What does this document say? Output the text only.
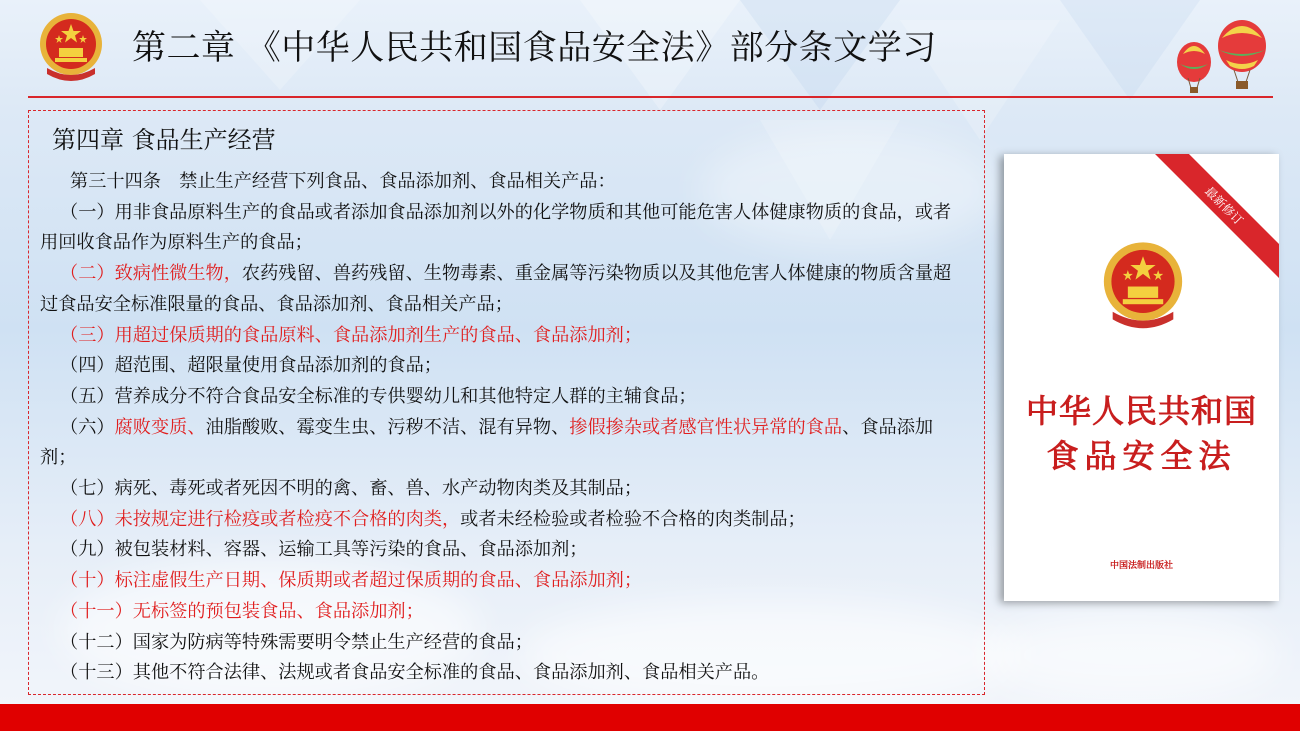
第二章 《中华人民共和国食品安全法》部分条文学习
第四章 食品生产经营

第三十四条　禁止生产经营下列食品、食品添加剂、食品相关产品：

（一）用非食品原料生产的食品或者添加食品添加剂以外的化学物质和其他可能危害人体健康物质的食品，或者用回收食品作为原料生产的食品；

（二）致病性微生物，农药残留、兽药残留、生物毒素、重金属等污染物质以及其他危害人体健康的物质含量超过食品安全标准限量的食品、食品添加剂、食品相关产品；

（三）用超过保质期的食品原料、食品添加剂生产的食品、食品添加剂；

（四）超范围、超限量使用食品添加剂的食品；

（五）营养成分不符合食品安全标准的专供婴幼儿和其他特定人群的主辅食品；

（六）腐败变质、油脂酸败、霉变生虫、污秽不洁、混有异物、掺假掺杂或者感官性状异常的食品、食品添加剂；

（七）病死、毒死或者死因不明的禽、畜、兽、水产动物肉类及其制品；

（八）未按规定进行检疫或者检疫不合格的肉类，或者未经检验或者检验不合格的肉类制品；

（九）被包装材料、容器、运输工具等污染的食品、食品添加剂；

（十）标注虚假生产日期、保质期或者超过保质期的食品、食品添加剂；

（十一）无标签的预包装食品、食品添加剂；

（十二）国家为防病等特殊需要明令禁止生产经营的食品；

（十三）其他不符合法律、法规或者食品安全标准的食品、食品添加剂、食品相关产品。

最新修订
中华人民共和国
食品安全法
中国法制出版社
